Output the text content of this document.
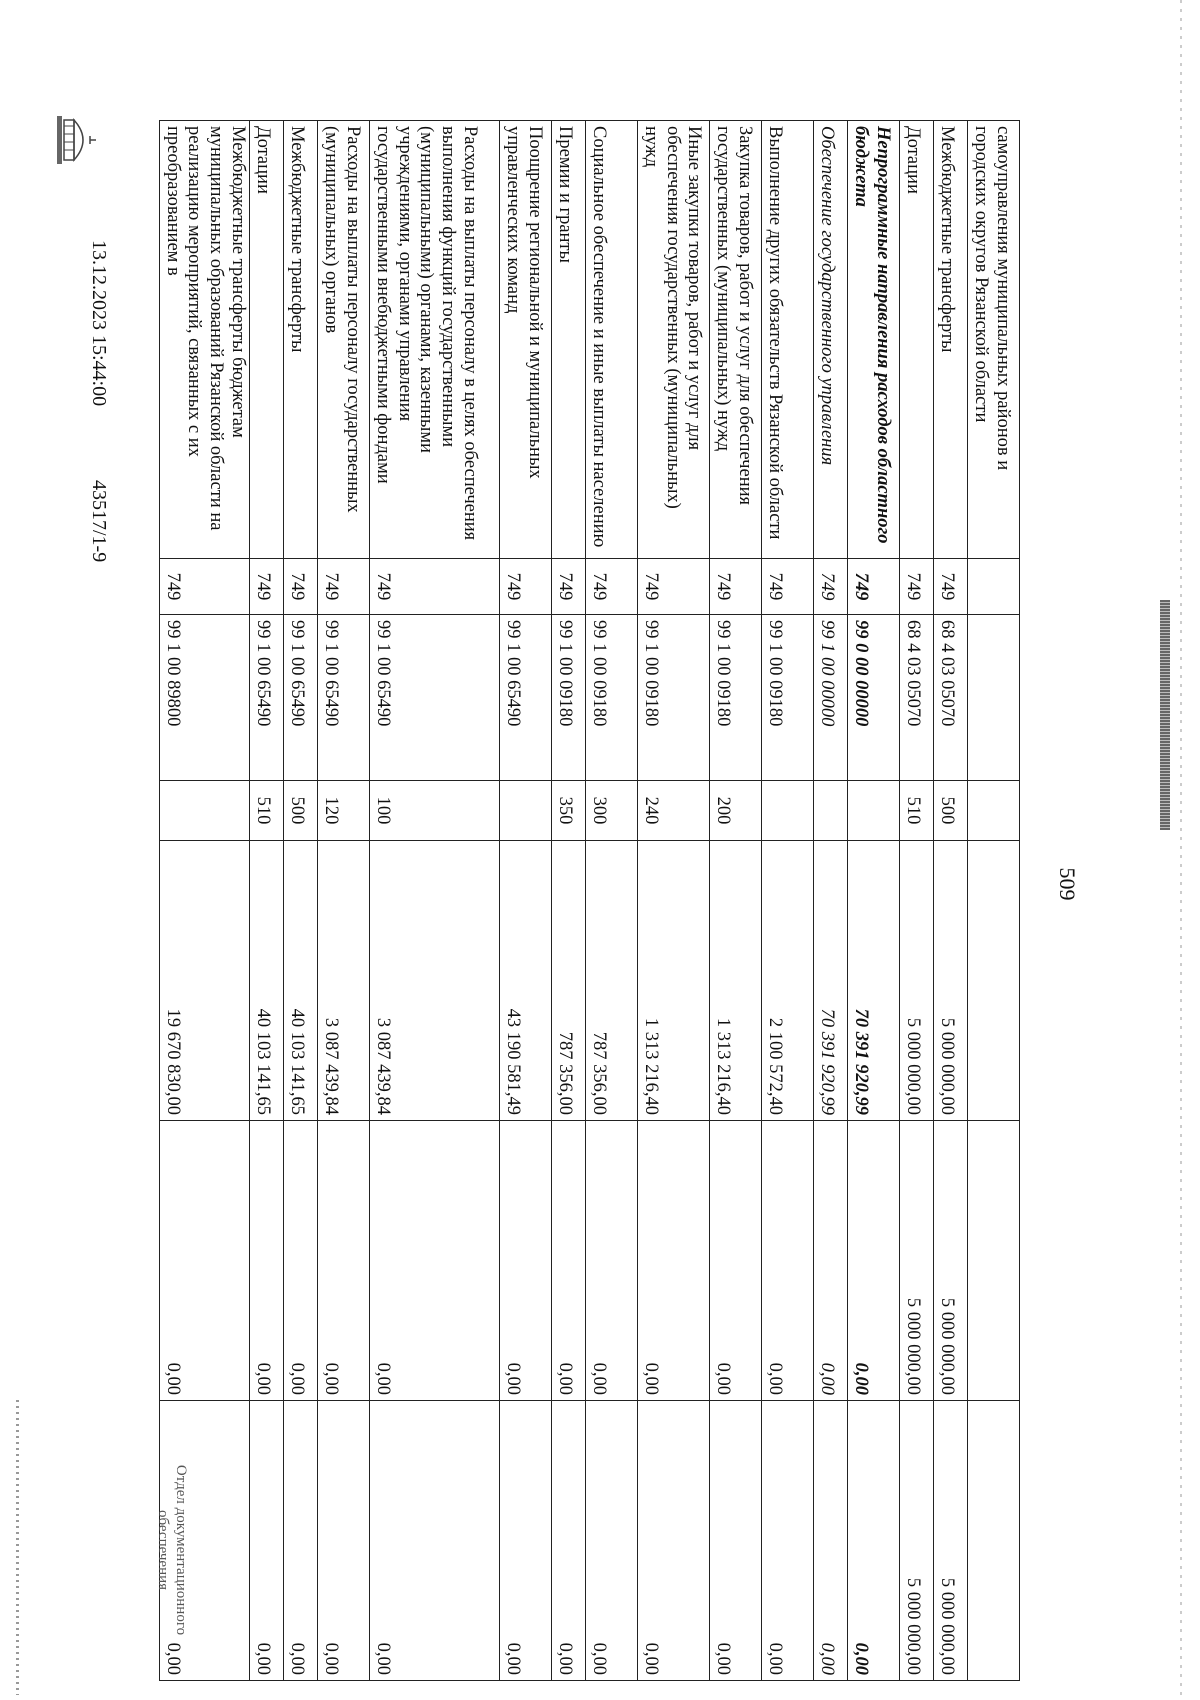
509
самоуправления муниципальных районов и городских округов Рязанской области						
Межбюджетные трансферты	749	68 4 03 05070	500	5 000 000,00	5 000 000,00	5 000 000,00
Дотации	749	68 4 03 05070	510	5 000 000,00	5 000 000,00	5 000 000,00
Непрограммные направления расходов областного бюджета	749	99 0 00 00000		70 391 920,99	0,00	0,00
Обеспечение государственного управления	749	99 1 00 00000		70 391 920,99	0,00	0,00
Выполнение других обязательств Рязанской области	749	99 1 00 09180		2 100 572,40	0,00	0,00
Закупка товаров, работ и услуг для обеспечения государственных (муниципальных) нужд	749	99 1 00 09180	200	1 313 216,40	0,00	0,00
Иные закупки товаров, работ и услуг для обеспечения государственных (муниципальных) нужд	749	99 1 00 09180	240	1 313 216,40	0,00	0,00
Социальное обеспечение и иные выплаты населению	749	99 1 00 09180	300	787 356,00	0,00	0,00
Премии и гранты	749	99 1 00 09180	350	787 356,00	0,00	0,00
Поощрение региональной и муниципальных управленческих команд	749	99 1 00 65490		43 190 581,49	0,00	0,00
Расходы на выплаты персоналу в целях обеспечения выполнения функций государственными (муниципальными) органами, казенными учреждениями, органами управления государственными внебюджетными фондами	749	99 1 00 65490	100	3 087 439,84	0,00	0,00
Расходы на выплаты персоналу государственных (муниципальных) органов	749	99 1 00 65490	120	3 087 439,84	0,00	0,00
Межбюджетные трансферты	749	99 1 00 65490	500	40 103 141,65	0,00	0,00
Дотации	749	99 1 00 65490	510	40 103 141,65	0,00	0,00
Межбюджетные трансферты бюджетам муниципальных образований Рязанской области на реализацию мероприятий, связанных с их преобразованием в	749	99 1 00 89800		19 670 830,00	0,00	0,00
Отдел документационного
обеспечения
13.12.2023 15:44:00
43517/1-9
